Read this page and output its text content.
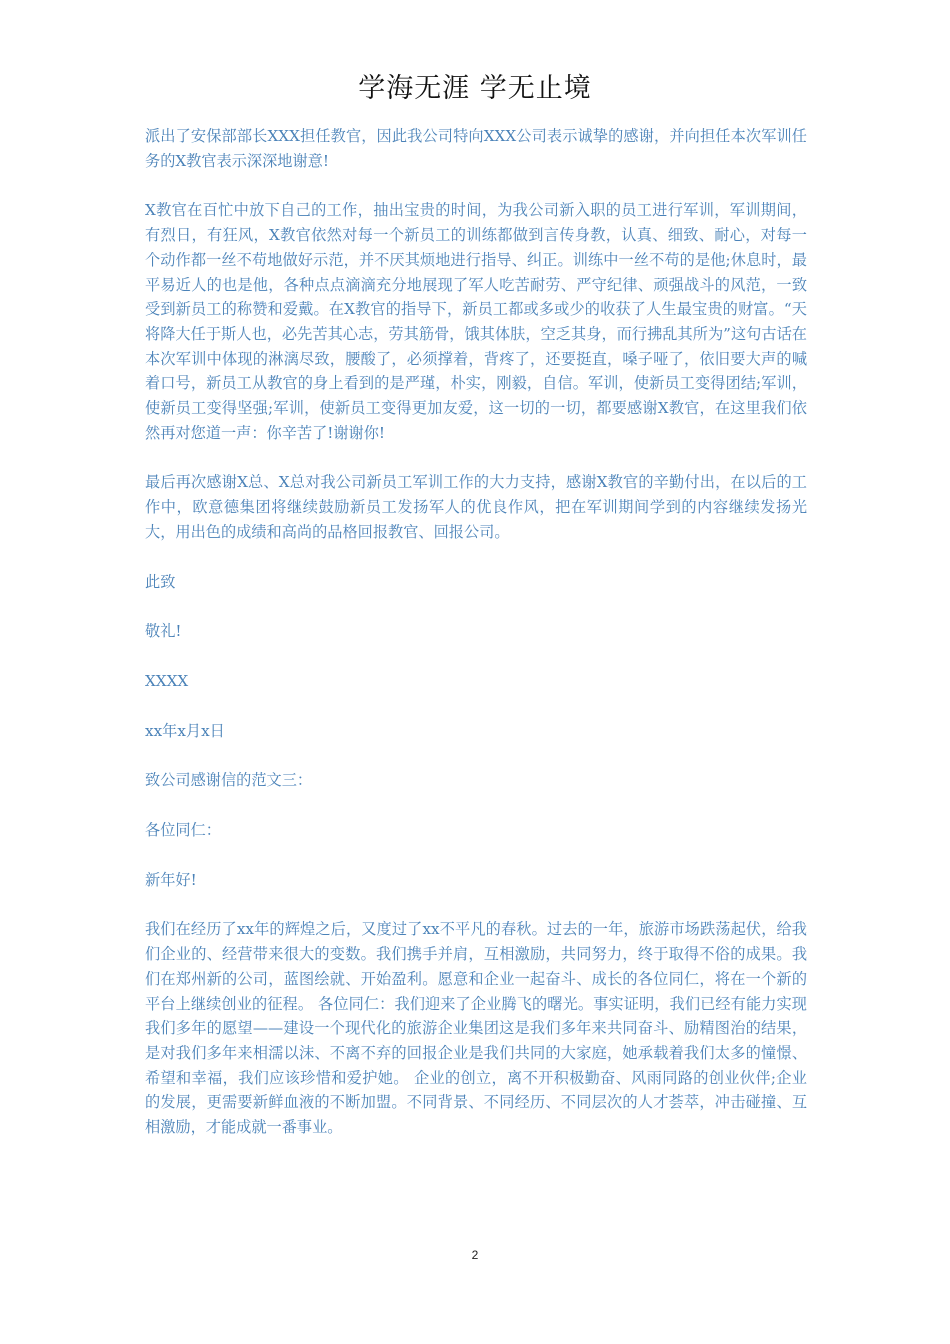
学海无涯 学无止境

派出了安保部部长XXX担任教官，因此我公司特向XXX公司表示诚挚的感谢，并向担任本次军训任务的X教官表示深深地谢意!

X教官在百忙中放下自己的工作，抽出宝贵的时间，为我公司新入职的员工进行军训，军训期间，有烈日，有狂风，X教官依然对每一个新员工的训练都做到言传身教，认真、细致、耐心，对每一个动作都一丝不苟地做好示范，并不厌其烦地进行指导、纠正。训练中一丝不苟的是他;休息时，最平易近人的也是他，各种点点滴滴充分地展现了军人吃苦耐劳、严守纪律、顽强战斗的风范，一致受到新员工的称赞和爱戴。在X教官的指导下，新员工都或多或少的收获了人生最宝贵的财富。“天将降大任于斯人也，必先苦其心志，劳其筋骨，饿其体肤，空乏其身，而行拂乱其所为”这句古话在本次军训中体现的淋漓尽致，腰酸了，必须撑着，背疼了，还要挺直，嗓子哑了，依旧要大声的喊着口号，新员工从教官的身上看到的是严瑾，朴实，刚毅，自信。军训，使新员工变得团结;军训，使新员工变得坚强;军训，使新员工变得更加友爱，这一切的一切，都要感谢X教官，在这里我们依然再对您道一声：你辛苦了!谢谢你!

最后再次感谢X总、X总对我公司新员工军训工作的大力支持，感谢X教官的辛勤付出，在以后的工作中，欧意德集团将继续鼓励新员工发扬军人的优良作风，把在军训期间学到的内容继续发扬光大，用出色的成绩和高尚的品格回报教官、回报公司。

此致

敬礼!

XXXX

xx年x月x日

致公司感谢信的范文三：

各位同仁：

新年好!

我们在经历了xx年的辉煌之后，又度过了xx不平凡的春秋。过去的一年，旅游市场跌荡起伏，给我们企业的、经营带来很大的变数。我们携手并肩，互相激励，共同努力，终于取得不俗的成果。我们在郑州新的公司，蓝图绘就、开始盈利。愿意和企业一起奋斗、成长的各位同仁，将在一个新的平台上继续创业的征程。 各位同仁：我们迎来了企业腾飞的曙光。事实证明，我们已经有能力实现我们多年的愿望——建设一个现代化的旅游企业集团这是我们多年来共同奋斗、励精图治的结果，是对我们多年来相濡以沫、不离不弃的回报企业是我们共同的大家庭，她承载着我们太多的憧憬、希望和幸福，我们应该珍惜和爱护她。 企业的创立，离不开积极勤奋、风雨同路的创业伙伴;企业的发展，更需要新鲜血液的不断加盟。不同背景、不同经历、不同层次的人才荟萃，冲击碰撞、互相激励，才能成就一番事业。

2
